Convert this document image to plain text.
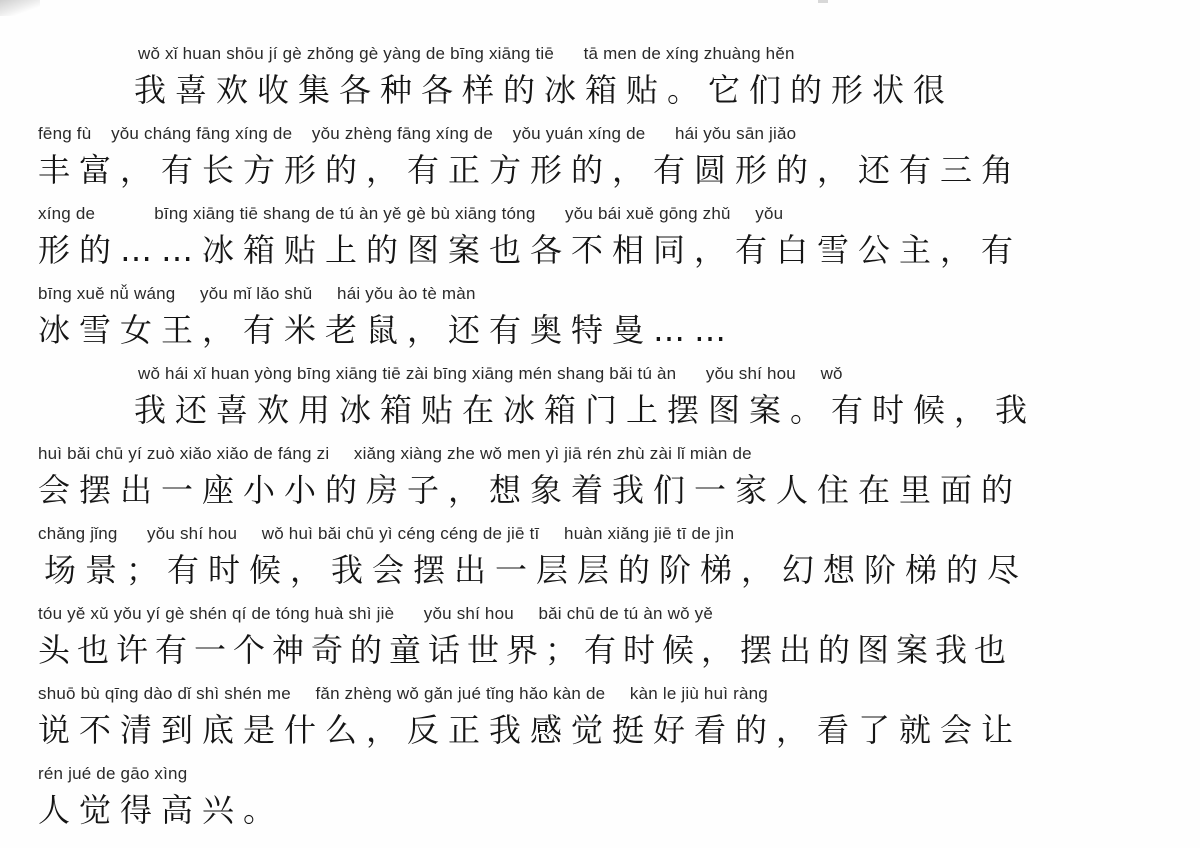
wǒ xǐ huan shōu jí gè zhǒng gè yàng de bīng xiāng tiē      tā men de xíng zhuàng hěn
我喜欢收集各种各样的冰箱贴。它们的形状很
fēng fù    yǒu cháng fāng xíng de    yǒu zhèng fāng xíng de    yǒu yuán xíng de      hái yǒu sān jiǎo
丰富，有长方形的，有正方形的，有圆形的，还有三角
xíng de            bīng xiāng tiē shang de tú àn yě gè bù xiāng tóng      yǒu bái xuě gōng zhǔ     yǒu
形的……冰箱贴上的图案也各不相同，有白雪公主，有
bīng xuě nǚ wáng     yǒu mǐ lǎo shǔ     hái yǒu ào tè màn
冰雪女王，有米老鼠，还有奥特曼……
wǒ hái xǐ huan yòng bīng xiāng tiē zài bīng xiāng mén shang bǎi tú àn      yǒu shí hou     wǒ
我还喜欢用冰箱贴在冰箱门上摆图案。有时候，我
huì bǎi chū yí zuò xiǎo xiǎo de fáng zi     xiǎng xiàng zhe wǒ men yì jiā rén zhù zài lǐ miàn de
会摆出一座小小的房子，想象着我们一家人住在里面的
chǎng jǐng      yǒu shí hou     wǒ huì bǎi chū yì céng céng de jiē tī     huàn xiǎng jiē tī de jìn
场景；有时候，我会摆出一层层的阶梯，幻想阶梯的尽
tóu yě xǔ yǒu yí gè shén qí de tóng huà shì jiè      yǒu shí hou     bǎi chū de tú àn wǒ yě
头也许有一个神奇的童话世界；有时候，摆出的图案我也
shuō bù qīng dào dǐ shì shén me     fǎn zhèng wǒ gǎn jué tǐng hǎo kàn de     kàn le jiù huì ràng
说不清到底是什么，反正我感觉挺好看的，看了就会让
rén jué de gāo xìng
人觉得高兴。
